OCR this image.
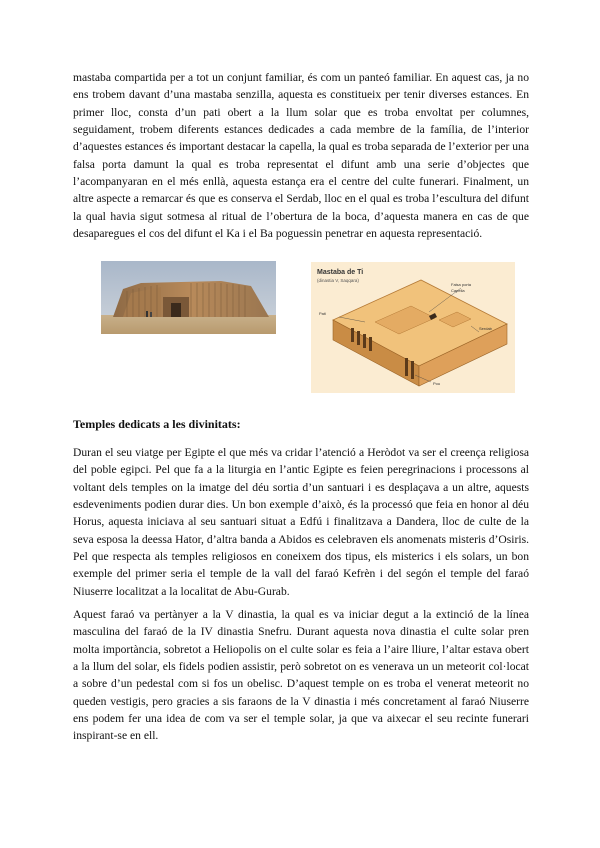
mastaba compartida per a tot un conjunt familiar, és com un panteó familiar. En aquest cas, ja no ens trobem davant d’una mastaba senzilla, aquesta es constitueix per tenir diverses estances. En primer lloc, consta d’un pati obert a la llum solar que es troba envoltat per columnes, seguidament, trobem diferents estances dedicades a cada membre de la família, de l’interior d’aquestes estances és important destacar la capella, la qual es troba separada de l’exterior per una falsa porta damunt la qual es troba representat el difunt amb una serie d’objectes que l’acompanyaran en el més enllà, aquesta estança era el centre del culte funerari. Finalment, un altre aspecte a remarcar és que es conserva el Serdab, lloc en el qual es troba l’escultura del difunt la qual havia sigut sotmesa al ritual de l’obertura de la boca, d’aquesta manera en cas de que desaparegues el cos del difunt el Ka i el Ba poguessin penetrar en aquesta representació.

Mastaba de Ti
(dinastia V, Saqqara)
Falsa porta
Capella
Pati
Serdab
Pou

Temples dedicats a les divinitats:

Duran el seu viatge per Egipte el que més va cridar l’atenció a Heròdot va ser el creença religiosa del poble egipci. Pel que fa a la liturgia en l’antic Egipte es feien peregrinacions i processons al voltant dels temples on la imatge del déu sortia d’un santuari i es desplaçava a un altre, aquests esdeveniments podien durar dies. Un bon exemple d’això, és la processó que feia en honor al déu Horus, aquesta iniciava al seu santuari situat a Edfú i finalitzava a Dandera, lloc de culte de la seva esposa la deessa Hator, d’altra banda a Abidos es celebraven els anomenats misteris d’Osiris. Pel que respecta als temples religiosos en coneixem dos tipus, els misterics i els solars, un bon exemple del primer seria el temple de la vall del faraó Kefrèn i del segón el temple del faraó Niuserre localitzat a la localitat de Abu-Gurab.

Aquest faraó va pertànyer a la V dinastia, la qual es va iniciar degut a la extinció de la línea masculina del faraó de la IV dinastia Snefru. Durant aquesta nova dinastia el culte solar pren molta importància, sobretot a Heliopolis on el culte solar es feia a l’aire lliure, l’altar estava obert a la llum del solar, els fidels podien assistir, però sobretot on es venerava un un meteorit col·locat a sobre d’un pedestal com si fos un obelisc. D’aquest temple on es troba el venerat meteorit no queden vestigis, pero gracies a sis faraons de la V dinastia i més concretament al faraó Niuserre ens podem fer una idea de com va ser el temple solar, ja que va aixecar el seu recinte funerari inspirant-se en ell.
